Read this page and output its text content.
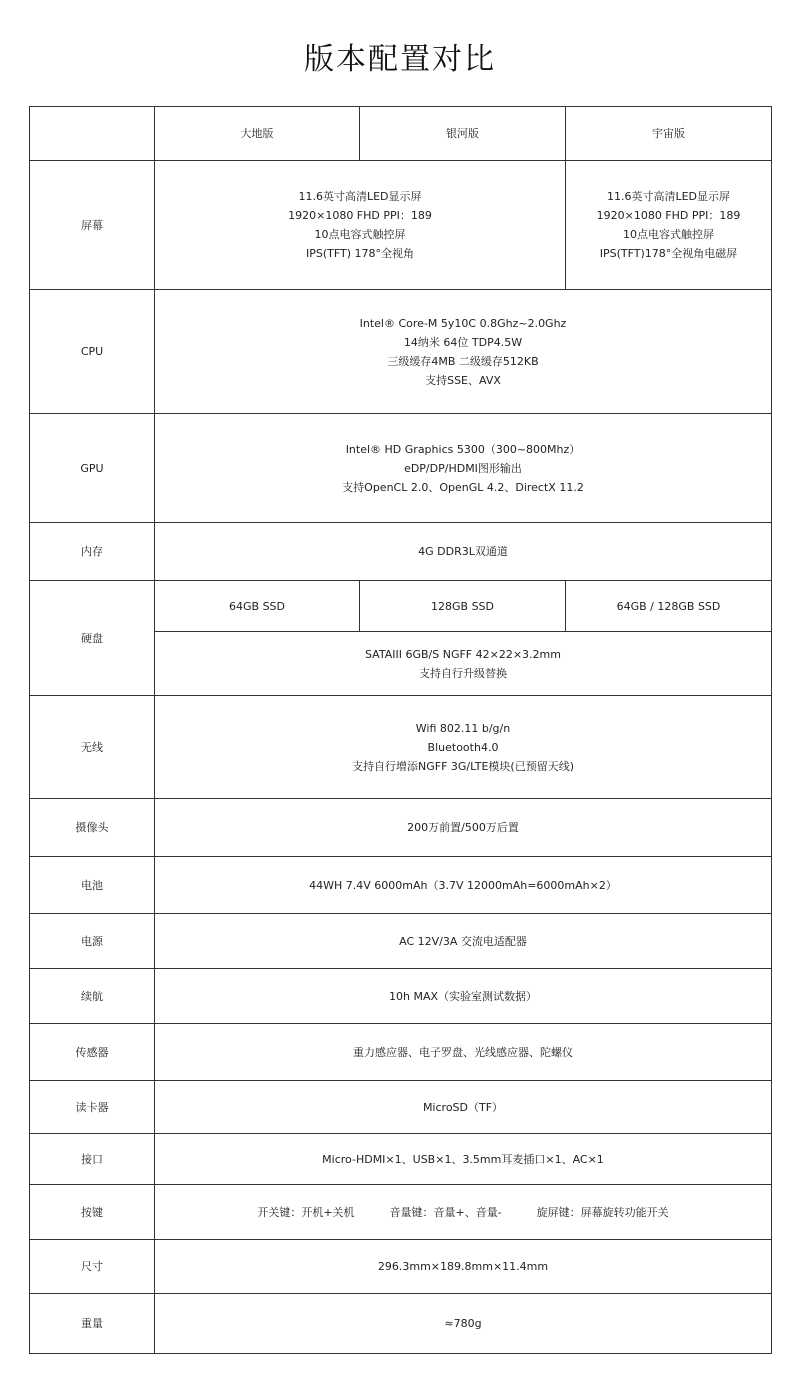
版本配置对比
	大地版	银河版	宇宙版
屏幕	11.6英寸高清LED显示屏
1920×1080 FHD PPI：189
10点电容式触控屏
IPS(TFT) 178°全视角		11.6英寸高清LED显示屏
1920×1080 FHD PPI：189
10点电容式触控屏
IPS(TFT)178°全视角电磁屏

CPU	Intel® Core-M 5y10C 0.8Ghz~2.0Ghz
14纳米 64位 TDP4.5W
三级缓存4MB 二级缓存512KB
支持SSE、AVX		

GPU	Intel® HD Graphics 5300（300~800Mhz）
eDP/DP/HDMI图形输出
支持OpenCL 2.0、OpenGL 4.2、DirectX 11.2		

内存	4G DDR3L双通道		
硬盘	64GB SSD	128GB SSD	64GB / 128GB SSD

	SATAIII 6GB/S NGFF 42×22×3.2mm
支持自行升级替换		

无线	Wifi 802.11 b/g/n
Bluetooth4.0
支持自行增添NGFF 3G/LTE模块(已预留天线)		

摄像头	200万前置/500万后置		
电池	44WH 7.4V 6000mAh（3.7V 12000mAh=6000mAh×2）		
电源	AC 12V/3A 交流电适配器		
续航	10h MAX（实验室测试数据）		
传感器	重力感应器、电子罗盘、光线感应器、陀螺仪		
读卡器	MicroSD（TF）		
接口	Micro-HDMI×1、USB×1、3.5mm耳麦插口×1、AC×1		
按键	开关键：开机+关机          音量键：音量+、音量-          旋屏键：屏幕旋转功能开关		
尺寸	296.3mm×189.8mm×11.4mm		
重量	≈780g		
